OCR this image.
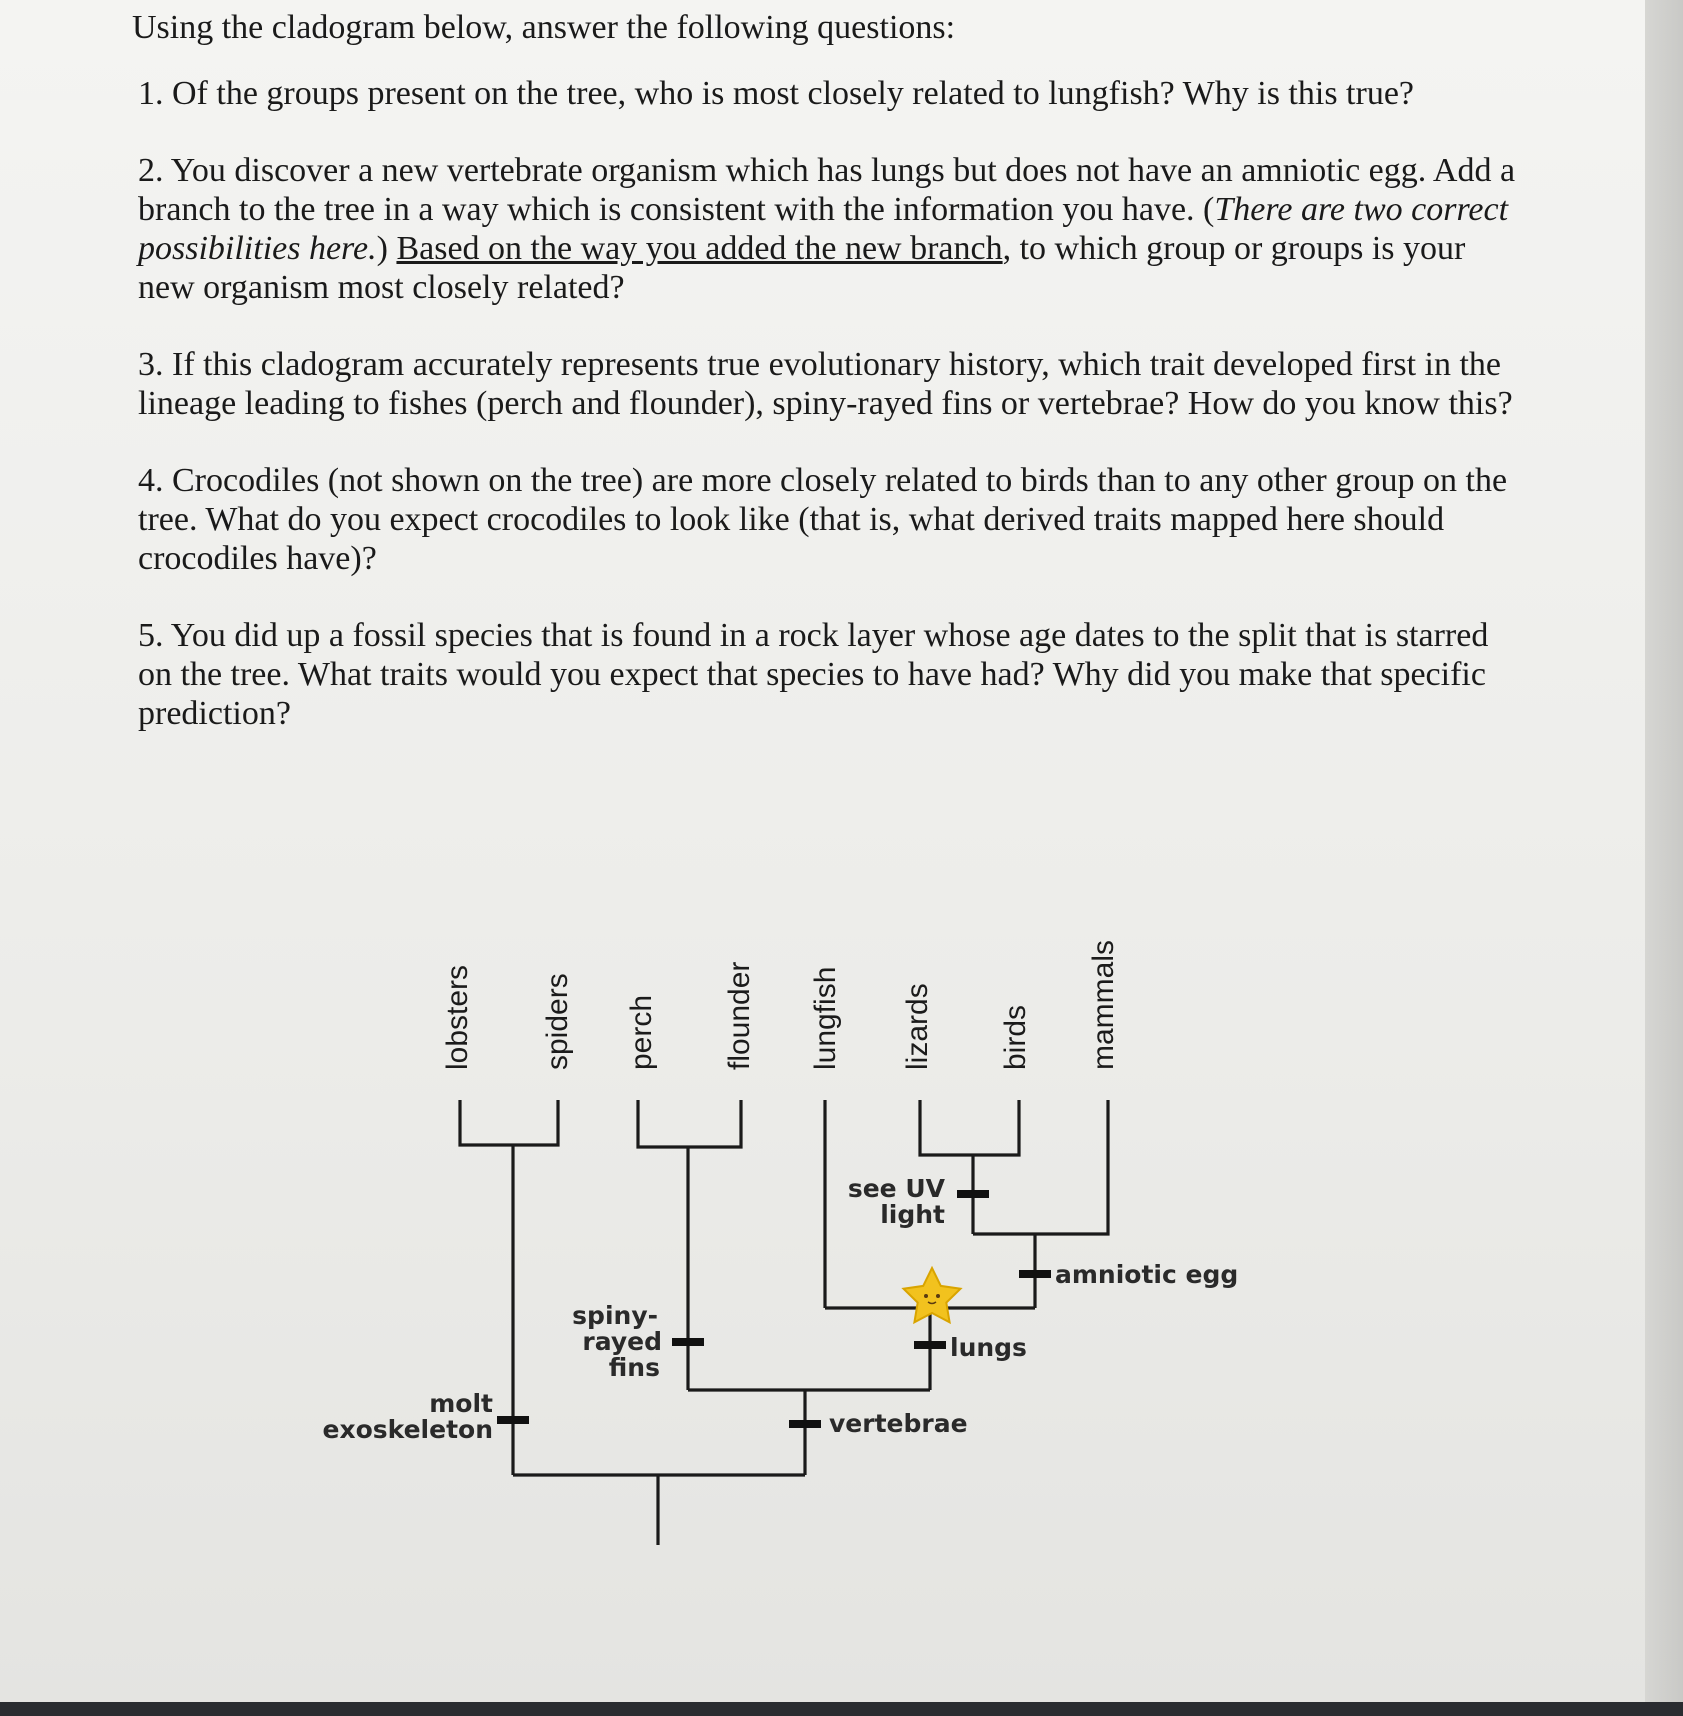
Using the cladogram below, answer the following questions:

1. Of the groups present on the tree, who is most closely related to lungfish? Why is this true?

2. You discover a new vertebrate organism which has lungs but does not have an amniotic egg. Add a branch to the tree in a way which is consistent with the information you have. (There are two correct possibilities here.) Based on the way you added the new branch, to which group or groups is your new organism most closely related?

3. If this cladogram accurately represents true evolutionary history, which trait developed first in the lineage leading to fishes (perch and flounder), spiny-rayed fins or vertebrae? How do you know this?

4. Crocodiles (not shown on the tree) are more closely related to birds than to any other group on the tree. What do you expect crocodiles to look like (that is, what derived traits mapped here should crocodiles have)?

5. You did up a fossil species that is found in a rock layer whose age dates to the split that is starred on the tree. What traits would you expect that species to have had? Why did you make that specific prediction?

lobsters spiders perch flounder lungfish lizards birds mammals
molt
exoskeleton
spiny-
rayed
fins
vertebrae
lungs
amniotic egg
see UV
light
